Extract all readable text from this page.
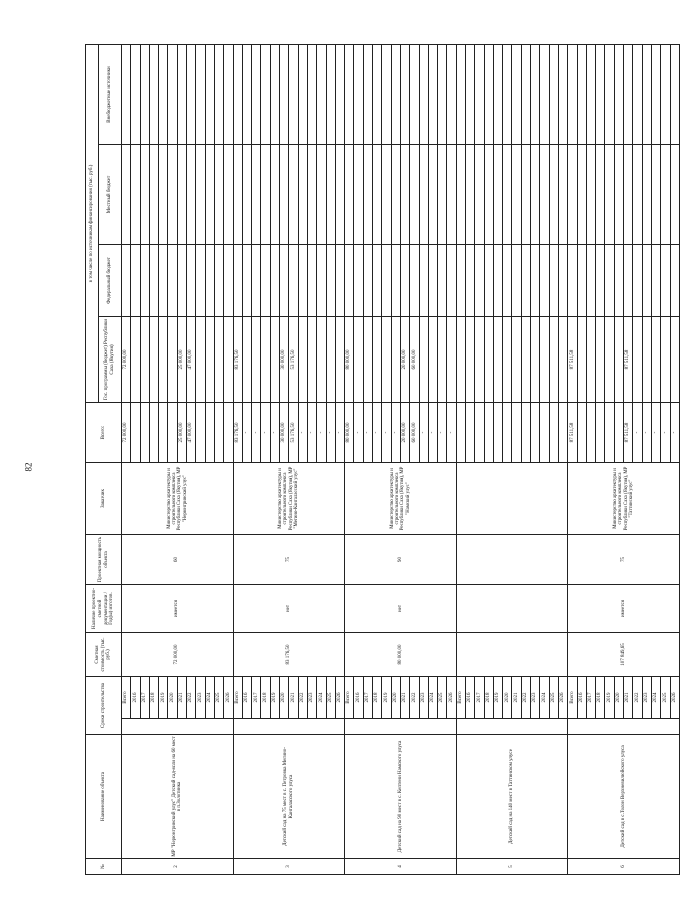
82
№	Наименование объекта	Сроки строительства		Сметная стоимость (тыс. руб.)	Наличие проектно-сметной документации /Год(ы) изготов.	Проектная мощность объекта	Заказчик	Всего:	в том числе по источникам финансирования (тыс. руб.)			
									Гос. программы (бюджет) Республики Саха (Якутия)	Федеральный бюджет	Местный бюджет	Внебюджетные источники
2	МР "Нерюнгринский улус" Детский сад-ясли на 60 мест в п.Золотинка		Всего	72 000,00	имеется	60	Министерство архитектуры и строительного комплекса Республики Саха (Якутия), МР "Нерюнгринский улус"	72 000,00	72 000,00			
			2016									
			2017									
			2018									
			2019									
			2020									
			2021					25 000,00	25 000,00			
			2022					47 000,00	47 000,00			
			2023									
			2024									
			2025									
			2026									
3	Детский сад на 75 мест в с. Петровка Мегино-Кангаласского улуса		Всего	83 176,50	нет	75	Министерство архитектуры и строительного комплекса Республики Саха (Якутия), МР "Мегино-Кангаласский улус"	83 176,50	83 176,50			
			2016					-				
			2017					-				
			2018					-				
			2019					-				
			2020					30 000,00	30 000,00			
			2021					53 176,50	53 176,50			
			2022					-				
			2023					-				
			2024					-				
			2025					-				
			2026					-				
4	Детский сад на 90 мест в с. Кептени Намского улуса		Всего	80 000,00	нет	90	Министерство архитектуры и строительного комплекса Республики Саха (Якутия), МР "Намский улус"	80 000,00	80 000,00			
			2016					-				
			2017					-				
			2018					-				
			2019					-				
			2020					-				
			2021					20 000,00	20 000,00			
			2022					60 000,00	60 000,00			
			2023					-				
			2024					-				
			2025					-				
			2026					-				
5	Детский сад на 140 мест в Таттинском улусе		Всего									
			2016									
			2017									
			2018									
			2019									
			2020									
			2021									
			2022									
			2023									
			2024									
			2025									
			2026									
6	Детский сад в с.Толон Верхневилюйского улуса		Всего	107 849,65	имеется	75	Министерство архитектуры и строительного комплекса Республики Саха (Якутия), МР "Таттинский улус"	87 511,58	87 511,58			
			2016									
			2017									
			2018									
			2019									
			2020									
			2021					87 511,58	87 511,58			
			2022					-				
			2023					-				
			2024					-				
			2025					-				
			2026					-				
